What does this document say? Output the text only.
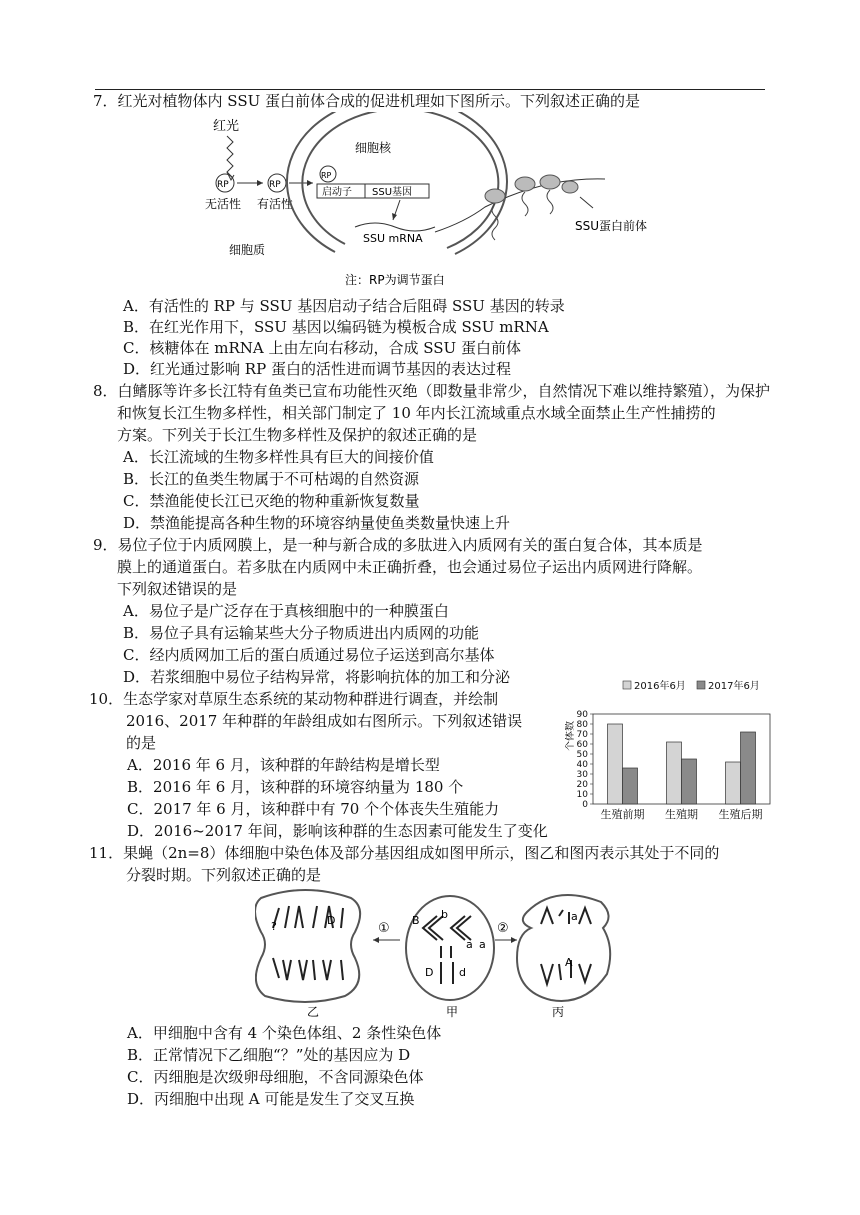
7．红光对植物体内 SSU 蛋白前体合成的促进机理如下图所示。下列叙述正确的是
红光
RP
无活性
RP
有活性
细胞核
RP
启动子 SSU基因
SSU mRNA
细胞质
SSU蛋白前体
注：RP为调节蛋白
A．有活性的 RP 与 SSU 基因启动子结合后阻碍 SSU 基因的转录
B．在红光作用下，SSU 基因以编码链为模板合成 SSU mRNA
C．核糖体在 mRNA 上由左向右移动，合成 SSU 蛋白前体
D．红光通过影响 RP 蛋白的活性进而调节基因的表达过程
8．白鳍豚等许多长江特有鱼类已宣布功能性灭绝（即数量非常少，自然情况下难以维持繁殖），为保护
和恢复长江生物多样性，相关部门制定了 10 年内长江流域重点水域全面禁止生产性捕捞的
方案。下列关于长江生物多样性及保护的叙述正确的是
A．长江流域的生物多样性具有巨大的间接价值
B．长江的鱼类生物属于不可枯竭的自然资源
C．禁渔能使长江已灭绝的物种重新恢复数量
D．禁渔能提高各种生物的环境容纳量使鱼类数量快速上升
9．易位子位于内质网膜上，是一种与新合成的多肽进入内质网有关的蛋白复合体，其本质是
膜上的通道蛋白。若多肽在内质网中未正确折叠，也会通过易位子运出内质网进行降解。
下列叙述错误的是
A．易位子是广泛存在于真核细胞中的一种膜蛋白
B．易位子具有运输某些大分子物质进出内质网的功能
C．经内质网加工后的蛋白质通过易位子运送到高尔基体
D．若浆细胞中易位子结构异常，将影响抗体的加工和分泌
10．生态学家对草原生态系统的某动物种群进行调查，并绘制
2016、2017 年种群的年龄组成如右图所示。下列叙述错误
的是
A．2016 年 6 月，该种群的年龄结构是增长型
B．2016 年 6 月，该种群的环境容纳量为 180 个
C．2017 年 6 月，该种群中有 70 个个体丧失生殖能力
D．2016~2017 年间，影响该种群的生态因素可能发生了变化
2016年6月 2017年6月
0
10
20
30
40
50
60
70
80
90
个体数
生殖前期 生殖期 生殖后期
11．果蝇（2n=8）体细胞中染色体及部分基因组成如图甲所示，图乙和图丙表示其处于不同的
分裂时期。下列叙述正确的是
?	D
乙
①
B b
a a
D d
甲
②
a
A
丙
A．甲细胞中含有 4 个染色体组、2 条性染色体
B．正常情况下乙细胞“？”处的基因应为 D
C．丙细胞是次级卵母细胞，不含同源染色体
D．丙细胞中出现 A 可能是发生了交叉互换
